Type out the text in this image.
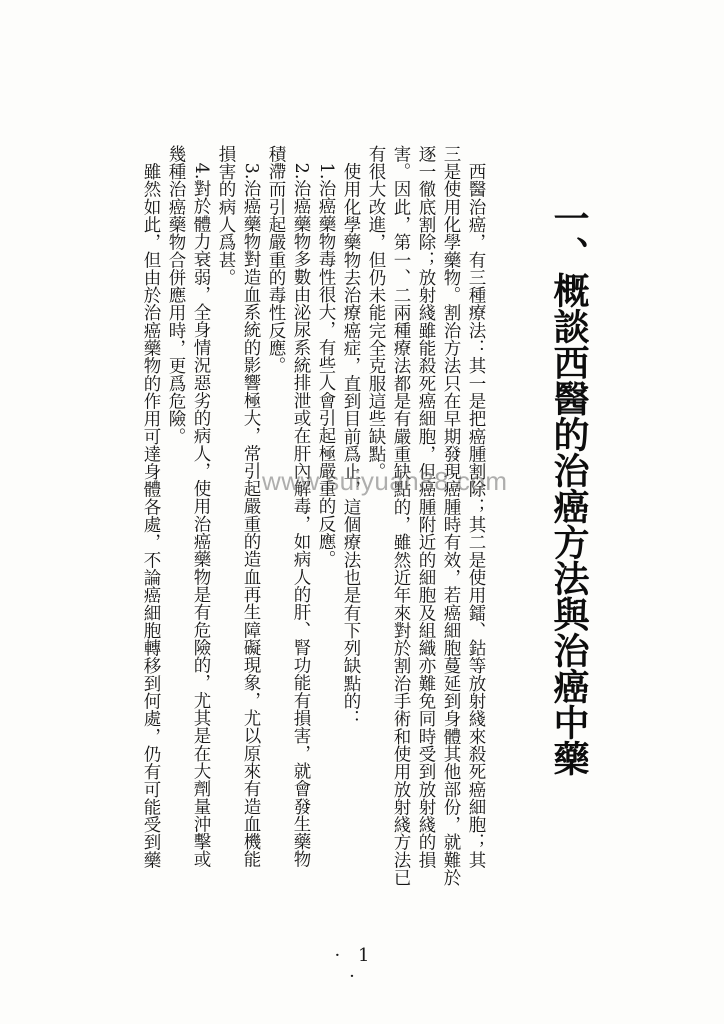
一、概談西醫的治癌方法與治癌中藥

　西醫治癌，有三種療法：其一是把癌腫割除；其二是使用鐳、鈷等放射綫來殺死癌細胞；其

三是使用化學藥物。割治方法只在早期發現癌腫時有效，若癌細胞蔓延到身體其他部份，就難於

逐一徹底割除；放射綫雖能殺死癌細胞，但癌腫附近的細胞及組織亦難免同時受到放射綫的損

害。因此，第一、二兩種療法都是有嚴重缺點的，雖然近年來對於割治手術和使用放射綫方法已

有很大改進，但仍未能完全克服這些缺點。

　使用化學藥物去治療癌症，直到目前爲止，這個療法也是有下列缺點的：

　1.治癌藥物毒性很大，有些人會引起極嚴重的反應。

　2.治癌藥物多數由泌尿系統排泄或在肝內解毒，如病人的肝、腎功能有損害，就會發生藥物

積滯而引起嚴重的毒性反應。

　3.治癌藥物對造血系統的影響極大，常引起嚴重的造血再生障礙現象，尤以原來有造血機能

損害的病人爲甚。

　4.對於體力衰弱，全身情況惡劣的病人，使用治癌藥物是有危險的，尤其是在大劑量沖擊或

幾種治癌藥物合併應用時，更爲危險。

　雖然如此，但由於治癌藥物的作用可達身體各處，不論癌細胞轉移到何處，仍有可能受到藥	www.suiyuan88.com
· 1 ·
